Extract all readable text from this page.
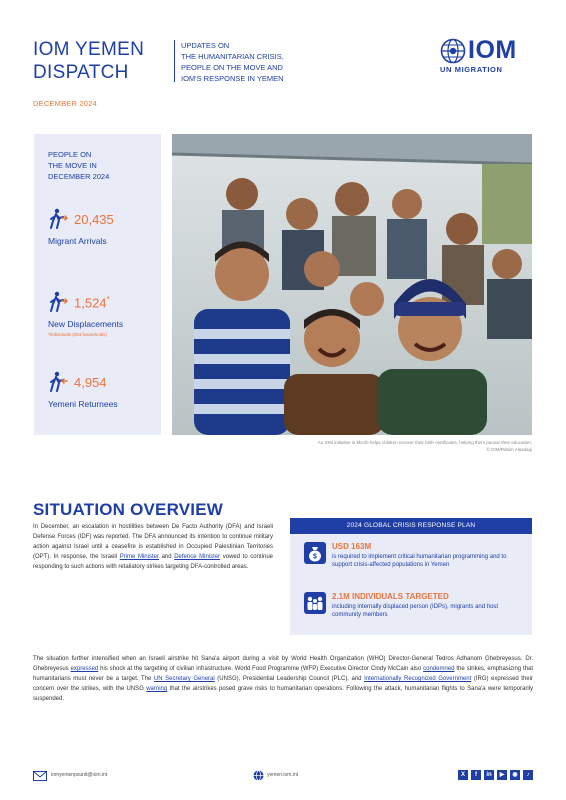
IOM YEMEN
DISPATCH
UPDATES ON
THE HUMANITARIAN CRISIS,
PEOPLE ON THE MOVE AND
IOM'S RESPONSE IN YEMEN
DECEMBER 2024
IOM
UN MIGRATION
PEOPLE ON
THE MOVE IN
DECEMBER 2024
20,435
Migrant Arrivals
1,524*
New Displacements
*Individuals (254 households)
4,954
Yemeni Returnees
An IOM initiative in Ma'rib helps children recover their birth certificates, helping them pursue their education.
© IOM/Rahim Alasdaqi
SITUATION OVERVIEW

In December, an escalation in hostilities between De Facto Authority (DFA) and Israeli Defense Forces (IDF) was reported. The DFA announced its intention to continue military action against Israel until a ceasefire is established in Occupied Palestinian Territories (OPT). In response, the Israeli Prime Minister and Defence Minister vowed to continue responding to such actions with retaliatory strikes targeting DFA-controlled areas.

2024 GLOBAL CRISIS RESPONSE PLAN
$
USD 163M
is required to implement critical humanitarian programming and to support crisis-affected populations in Yemen
2.1M INDIVIDUALS TARGETED
including internally displaced person (IDPs), migrants and host community members

The situation further intensified when an Israeli airstrike hit Sana'a airport during a visit by World Health Organization (WHO) Director-General Tedros Adhanom Ghebreyesus. Dr. Ghebreyesus expressed his shock at the targeting of civilian infrastructure. World Food Programme (WFP) Executive Director Cindy McCain also condemned the strikes, emphasizing that humanitarians must never be a target. The UN Secretary General (UNSG), Presidential Leadership Council (PLC), and Internationally Recognized Government (IRG) expressed their concern over the strikes, with the UNSG warning that the airstrikes posed grave risks to humanitarian operations. Following the attack, humanitarian flights to Sana'a were temporarily suspended.

iomyemenpsunit@iom.int	yemen.iom.int	X	f	in	▶	◉	♪
